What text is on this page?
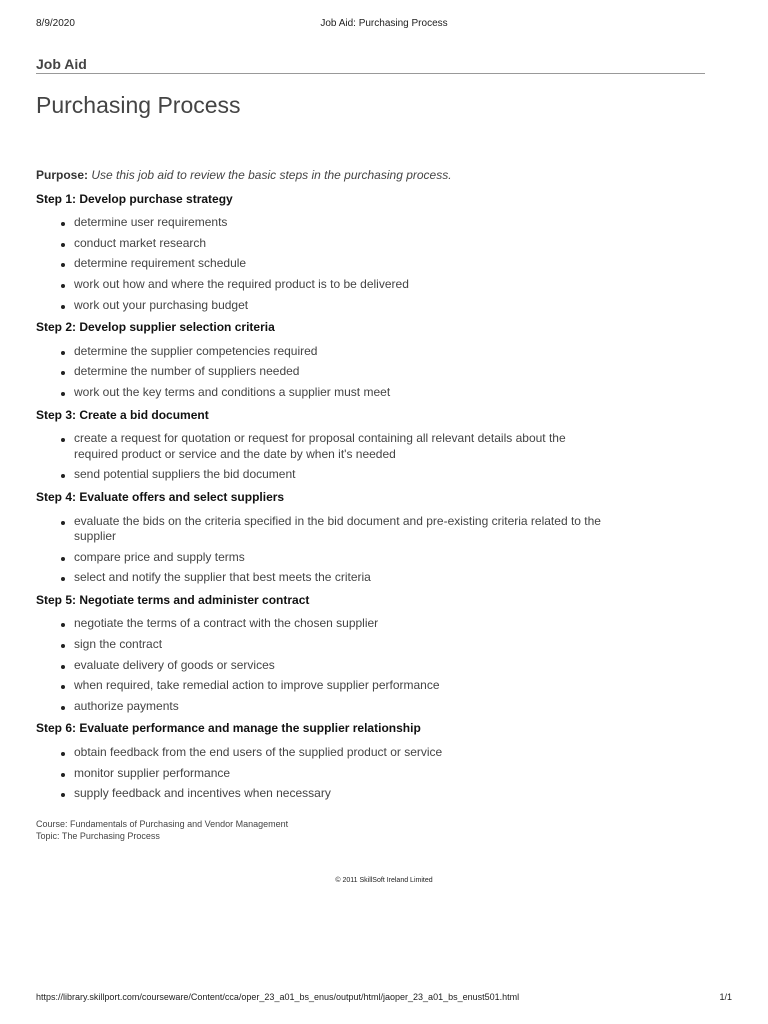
8/9/2020	Job Aid: Purchasing Process
Job Aid
Purchasing Process

Purpose: Use this job aid to review the basic steps in the purchasing process.

Step 1: Develop purchase strategy
determine user requirements
conduct market research
determine requirement schedule
work out how and where the required product is to be delivered
work out your purchasing budget
Step 2: Develop supplier selection criteria
determine the supplier competencies required
determine the number of suppliers needed
work out the key terms and conditions a supplier must meet
Step 3: Create a bid document
create a request for quotation or request for proposal containing all relevant details about the required product or service and the date by when it's needed
send potential suppliers the bid document
Step 4: Evaluate offers and select suppliers
evaluate the bids on the criteria specified in the bid document and pre-existing criteria related to the supplier
compare price and supply terms
select and notify the supplier that best meets the criteria
Step 5: Negotiate terms and administer contract
negotiate the terms of a contract with the chosen supplier
sign the contract
evaluate delivery of goods or services
when required, take remedial action to improve supplier performance
authorize payments
Step 6: Evaluate performance and manage the supplier relationship
obtain feedback from the end users of the supplied product or service
monitor supplier performance
supply feedback and incentives when necessary
Course: Fundamentals of Purchasing and Vendor Management
Topic: The Purchasing Process
© 2011 SkillSoft Ireland Limited
https://library.skillport.com/courseware/Content/cca/oper_23_a01_bs_enus/output/html/jaoper_23_a01_bs_enust501.html	1/1
